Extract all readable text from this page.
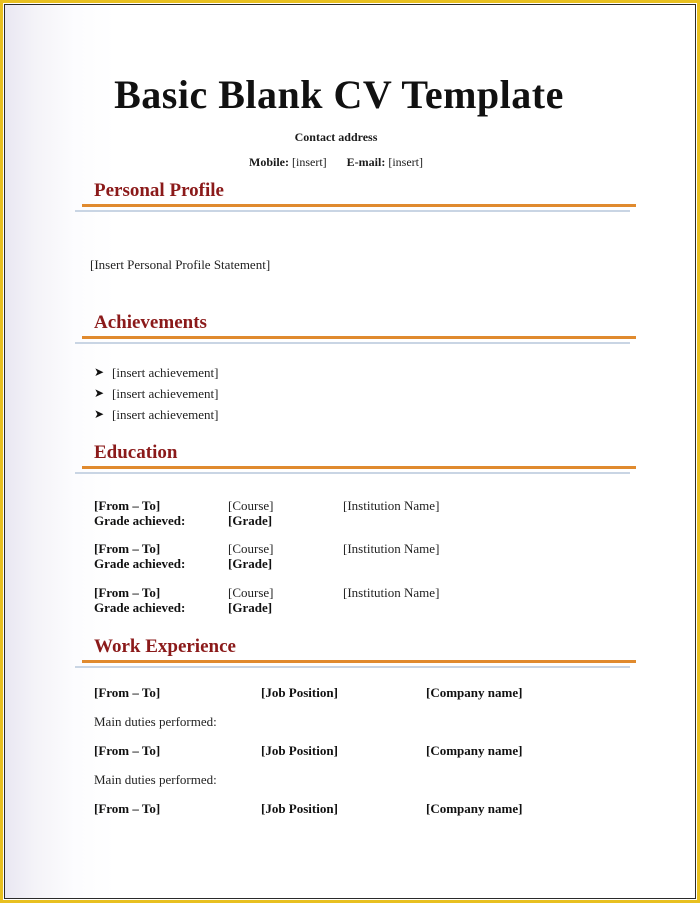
Basic Blank CV Template
Contact address
Mobile: [insert] E-mail: [insert]
Personal Profile
[Insert Personal Profile Statement]
Achievements
➤ [insert achievement]
➤ [insert achievement]
➤ [insert achievement]
Education
[From – To]	[Course]	[Institution Name]
Grade achieved:	[Grade]
[From – To]	[Course]	[Institution Name]
Grade achieved:	[Grade]
[From – To]	[Course]	[Institution Name]
Grade achieved:	[Grade]
Work Experience
[From – To]	[Job Position]	[Company name]
Main duties performed:
[From – To]	[Job Position]	[Company name]
Main duties performed:
[From – To]	[Job Position]	[Company name]
